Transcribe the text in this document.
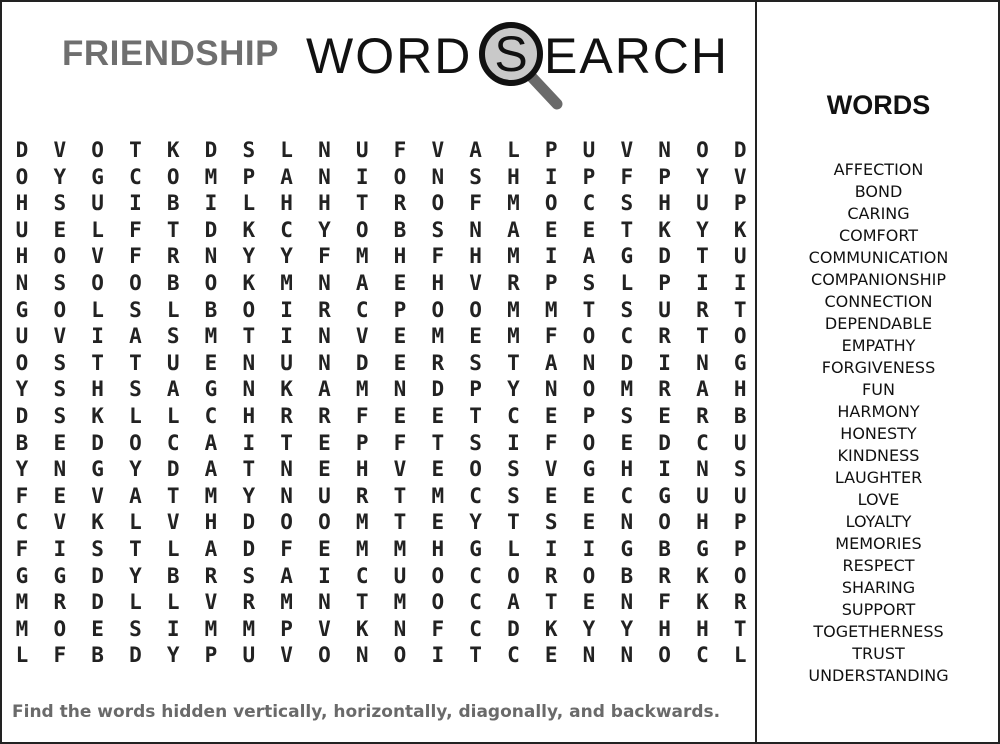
FRIENDSHIP WORD S EARCH
D	V	O	T	K	D	S	L	N	U	F	V	A	L	P	U	V	N	O	D
O	Y	G	C	O	M	P	A	N	I	O	N	S	H	I	P	F	P	Y	V
H	S	U	I	B	I	L	H	H	T	R	O	F	M	O	C	S	H	U	P
U	E	L	F	T	D	K	C	Y	O	B	S	N	A	E	E	T	K	Y	K
H	O	V	F	R	N	Y	Y	F	M	H	F	H	M	I	A	G	D	T	U
N	S	O	O	B	O	K	M	N	A	E	H	V	R	P	S	L	P	I	I
G	O	L	S	L	B	O	I	R	C	P	O	O	M	M	T	S	U	R	T
U	V	I	A	S	M	T	I	N	V	E	M	E	M	F	O	C	R	T	O
O	S	T	T	U	E	N	U	N	D	E	R	S	T	A	N	D	I	N	G
Y	S	H	S	A	G	N	K	A	M	N	D	P	Y	N	O	M	R	A	H
D	S	K	L	L	C	H	R	R	F	E	E	T	C	E	P	S	E	R	B
B	E	D	O	C	A	I	T	E	P	F	T	S	I	F	O	E	D	C	U
Y	N	G	Y	D	A	T	N	E	H	V	E	O	S	V	G	H	I	N	S
F	E	V	A	T	M	Y	N	U	R	T	M	C	S	E	E	C	G	U	U
C	V	K	L	V	H	D	O	O	M	T	E	Y	T	S	E	N	O	H	P
F	I	S	T	L	A	D	F	E	M	M	H	G	L	I	I	G	B	G	P
G	G	D	Y	B	R	S	A	I	C	U	O	C	O	R	O	B	R	K	O
M	R	D	L	L	V	R	M	N	T	M	O	C	A	T	E	N	F	K	R
M	O	E	S	I	M	M	P	V	K	N	F	C	D	K	Y	Y	H	H	T
L	F	B	D	Y	P	U	V	O	N	O	I	T	C	E	N	N	O	C	L
Find the words hidden vertically, horizontally, diagonally, and backwards.
WORDS
AFFECTION
BOND
CARING
COMFORT
COMMUNICATION
COMPANIONSHIP
CONNECTION
DEPENDABLE
EMPATHY
FORGIVENESS
FUN
HARMONY
HONESTY
KINDNESS
LAUGHTER
LOVE
LOYALTY
MEMORIES
RESPECT
SHARING
SUPPORT
TOGETHERNESS
TRUST
UNDERSTANDING
